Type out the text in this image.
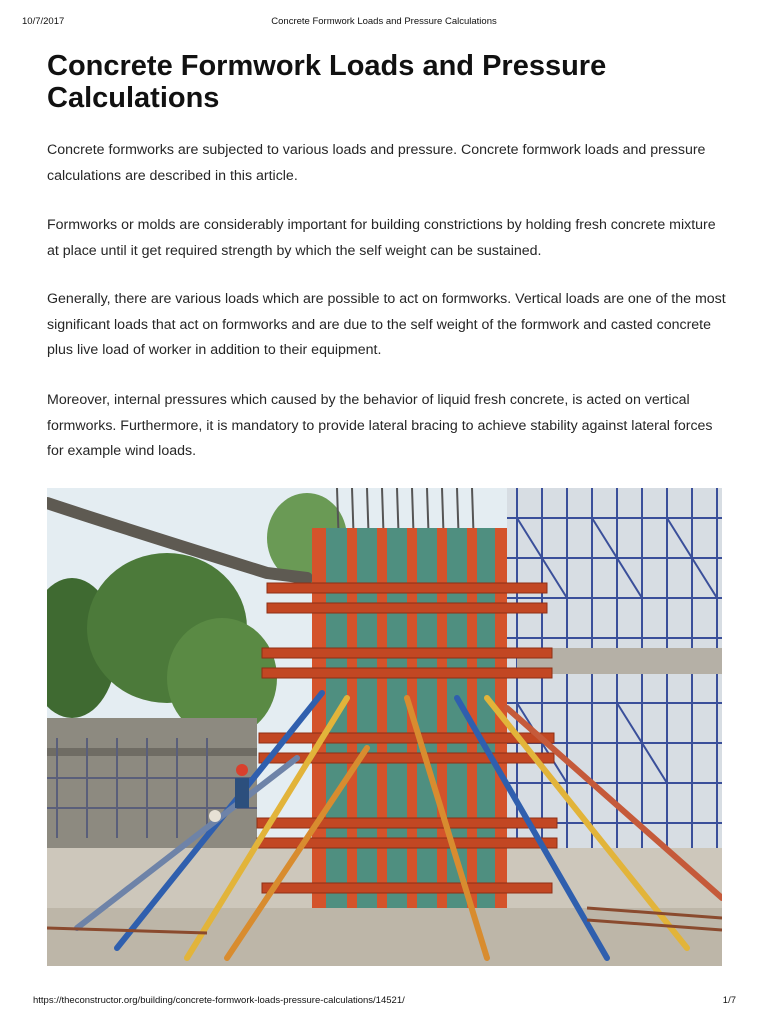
10/7/2017	Concrete Formwork Loads and Pressure Calculations
Concrete Formwork Loads and Pressure Calculations

Concrete formworks are subjected to various loads and pressure. Concrete formwork loads and pressure calculations are described in this article.

Formworks or molds are considerably important for building constrictions by holding fresh concrete mixture at place until it get required strength by which the self weight can be sustained.

Generally, there are various loads which are possible to act on formworks. Vertical loads are one of the most significant loads that act on formworks and are due to the self weight of the formwork and casted concrete plus live load of worker in addition to their equipment.

Moreover, internal pressures which caused by the behavior of liquid fresh concrete, is acted on vertical formworks. Furthermore, it is mandatory to provide lateral bracing to achieve stability against lateral forces for example wind loads.

https://theconstructor.org/building/concrete-formwork-loads-pressure-calculations/14521/	1/7
